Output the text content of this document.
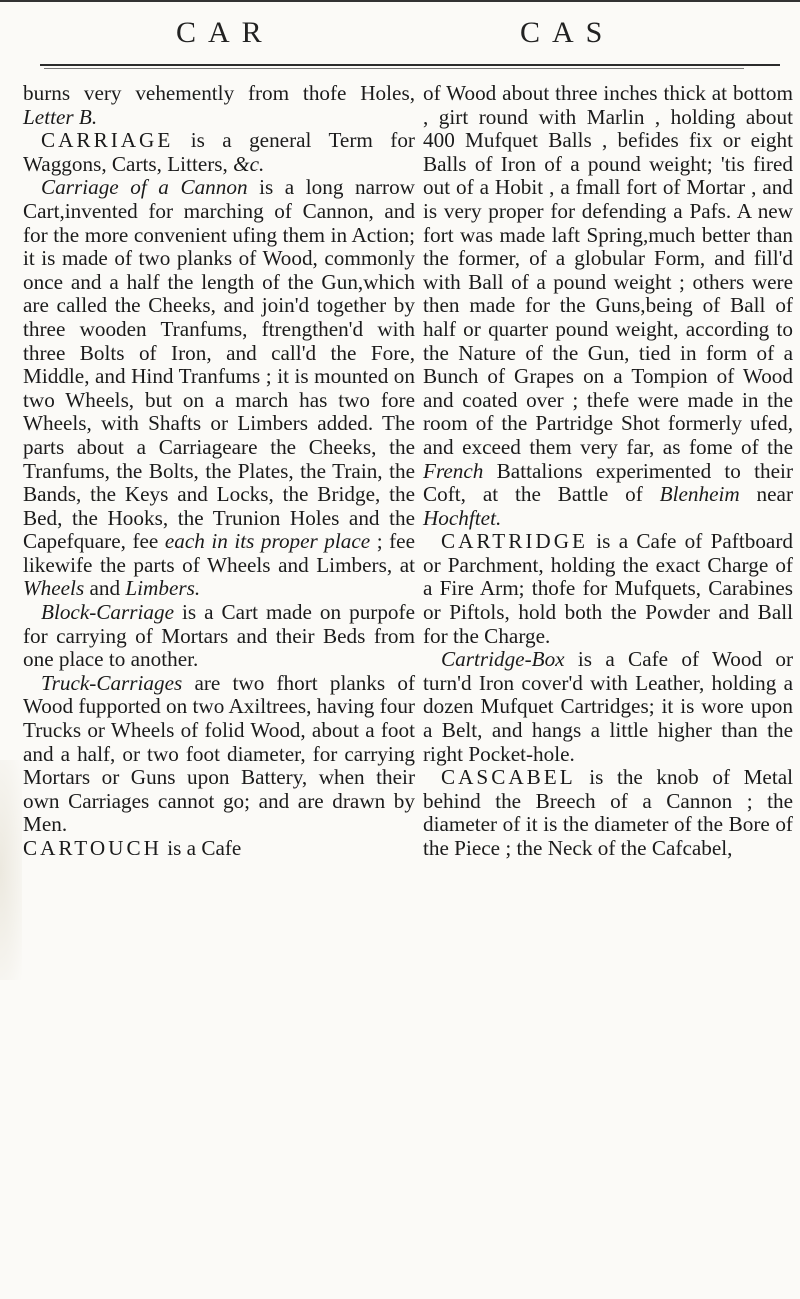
CAR	CAS

burns very vehemently from thofe Holes, Letter B.

CARRIAGE is a general Term for Waggons, Carts, Litters, &c.

Carriage of a Cannon is a long narrow Cart,invented for marching of Cannon, and for the more convenient ufing them in Action; it is made of two planks of Wood, commonly once and a half the length of the Gun,which are called the Cheeks, and join'd together by three wooden Tranfums, ftrengthen'd with three Bolts of Iron, and call'd the Fore, Middle, and Hind Tranfums ; it is mounted on two Wheels, but on a march has two fore Wheels, with Shafts or Limbers added. The parts about a Carriageare the Cheeks, the Tranfums, the Bolts, the Plates, the Train, the Bands, the Keys and Locks, the Bridge, the Bed, the Hooks, the Trunion Holes and the Capefquare, fee each in its proper place ; fee likewife the parts of Wheels and Limbers, at Wheels and Limbers.

Block-Carriage is a Cart made on purpofe for carrying of Mortars and their Beds from one place to another.

Truck-Carriages are two fhort planks of Wood fupported on two Axiltrees, having four Trucks or Wheels of folid Wood, about a foot and a half, or two foot diameter, for carrying Mortars or Guns upon Battery, when their own Carriages cannot go; and are drawn by Men.

CARTOUCH is a Cafe

of Wood about three inches thick at bottom , girt round with Marlin , holding about 400 Mufquet Balls , befides fix or eight Balls of Iron of a pound weight; 'tis fired out of a Hobit , a fmall fort of Mortar , and is very proper for defending a Pafs. A new fort was made laft Spring,much better than the former, of a globular Form, and fill'd with Ball of a pound weight ; others were then made for the Guns,being of Ball of half or quarter pound weight, according to the Nature of the Gun, tied in form of a Bunch of Grapes on a Tompion of Wood and coated over ; thefe were made in the room of the Partridge Shot formerly ufed, and exceed them very far, as fome of the French Battalions experimented to their Coft, at the Battle of Blenheim near Hochftet.

CARTRIDGE is a Cafe of Paftboard or Parchment, holding the exact Charge of a Fire Arm; thofe for Mufquets, Carabines or Piftols, hold both the Powder and Ball for the Charge.

Cartridge-Box is a Cafe of Wood or turn'd Iron cover'd with Leather, holding a dozen Mufquet Cartridges; it is wore upon a Belt, and hangs a little higher than the right Pocket-hole.

CASCABEL is the knob of Metal behind the Breech of a Cannon ; the diameter of it is the diameter of the Bore of the Piece ; the Neck of the Cafcabel,
